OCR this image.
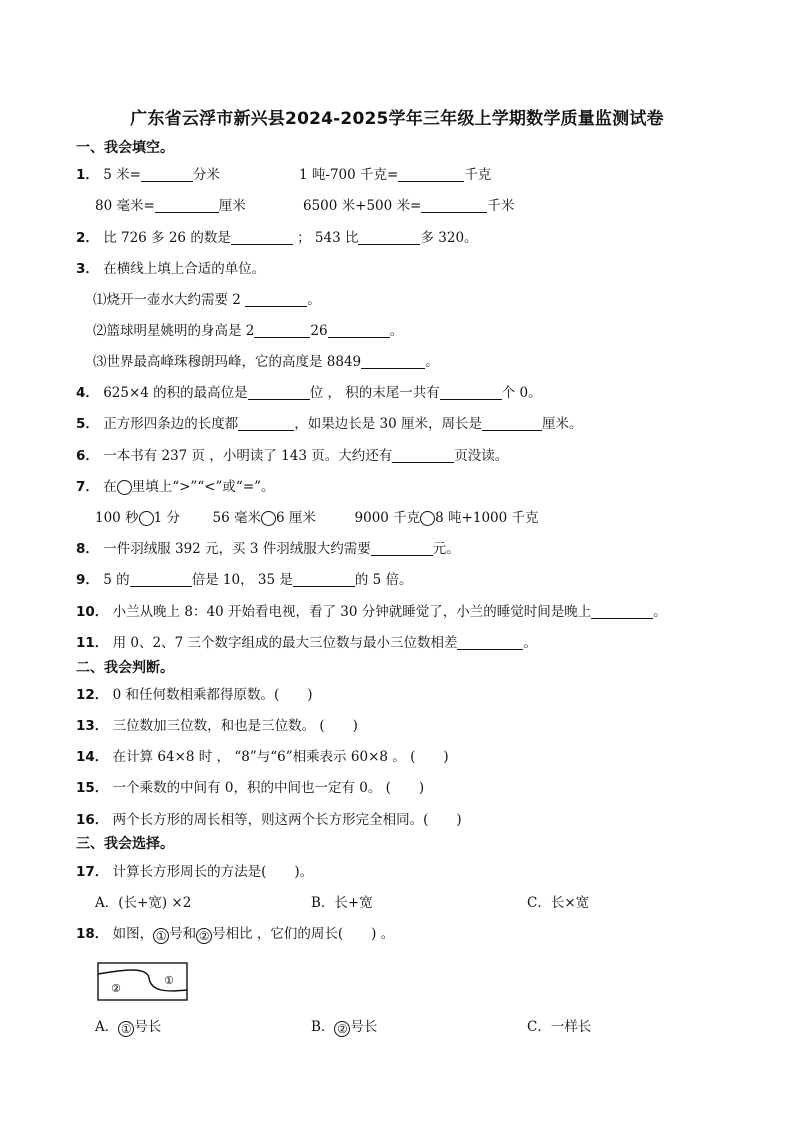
广东省云浮市新兴县2024-2025学年三年级上学期数学质量监测试卷
一、我会填空。
1． 5 米=	分米	1 吨-700 千克=	千克
80 毫米=	厘米	6500 米+500 米=	千米
2． 比 726 多 26 的数是	； 543 比	多 320。
3． 在横线上填上合适的单位。
⑴烧开一壶水大约需要 2	。
⑵篮球明星姚明的身高是 2	26	。
⑶世界最高峰珠穆朗玛峰，它的高度是 8849	。
4． 625×4 的积的最高位是	位 ， 积的末尾一共有	个 0。
5． 正方形四条边的长度都	，如果边长是 30 厘米，周长是	厘米。
6． 一本书有 237 页 ，小明读了 143 页。大约还有	页没读。
7． 在 里填上“>”“<”或“=”。
100 秒 1 分 56 毫米 6 厘米	9000 千克 8 吨+1000 千克
8． 一件羽绒服 392 元，买 3 件羽绒服大约需要	元。
9． 5 的	倍是 10， 35 是	的 5 倍。
10． 小兰从晚上 8：40 开始看电视，看了 30 分钟就睡觉了，小兰的睡觉时间是晚上	。
11． 用 0、2、7 三个数字组成的最大三位数与最小三位数相差	。
二、我会判断。
12． 0 和任何数相乘都得原数。( )
13． 三位数加三位数，和也是三位数。 ( )
14． 在计算 64×8 时 ， “8”与“6”相乘表示 60×8 。 ( )
15． 一个乘数的中间有 0，积的中间也一定有 0。 ( )
16． 两个长方形的周长相等，则这两个长方形完全相同。( )
三、我会选择。
17． 计算长方形周长的方法是( )。
A．(长+宽) ×2	B．长+宽	C．长×宽
18． 如图， ① 号和 ② 号相比 ，它们的周长( ) 。
①
②
A． ① 号长	B． ② 号长	C．一样长
